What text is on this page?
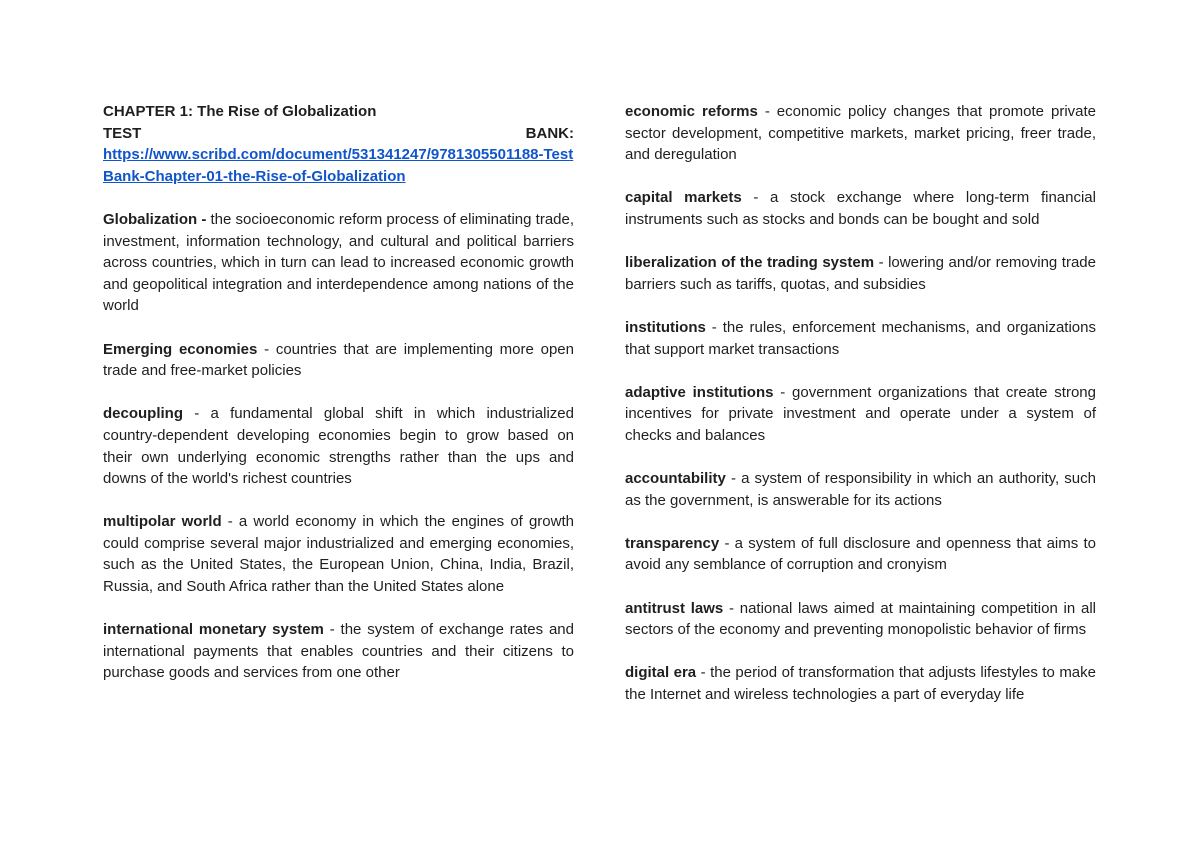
CHAPTER 1: The Rise of Globalization
TEST	BANK:
https://www.scribd.com/document/531341247/9781305501188-TestBank-Chapter-01-the-Rise-of-Globalization

Globalization - the socioeconomic reform process of eliminating trade, investment, information technology, and cultural and political barriers across countries, which in turn can lead to increased economic growth and geopolitical integration and interdependence among nations of the world

Emerging economies - countries that are implementing more open trade and free-market policies

decoupling - a fundamental global shift in which industrialized country-dependent developing economies begin to grow based on their own underlying economic strengths rather than the ups and downs of the world's richest countries

multipolar world - a world economy in which the engines of growth could comprise several major industrialized and emerging economies, such as the United States, the European Union, China, India, Brazil, Russia, and South Africa rather than the United States alone

international monetary system - the system of exchange rates and international payments that enables countries and their citizens to purchase goods and services from one other

economic reforms - economic policy changes that promote private sector development, competitive markets, market pricing, freer trade, and deregulation

capital markets - a stock exchange where long-term financial instruments such as stocks and bonds can be bought and sold

liberalization of the trading system - lowering and/or removing trade barriers such as tariffs, quotas, and subsidies

institutions - the rules, enforcement mechanisms, and organizations that support market transactions

adaptive institutions - government organizations that create strong incentives for private investment and operate under a system of checks and balances

accountability - a system of responsibility in which an authority, such as the government, is answerable for its actions

transparency - a system of full disclosure and openness that aims to avoid any semblance of corruption and cronyism

antitrust laws - national laws aimed at maintaining competition in all sectors of the economy and preventing monopolistic behavior of firms

digital era - the period of transformation that adjusts lifestyles to make the Internet and wireless technologies a part of everyday life
